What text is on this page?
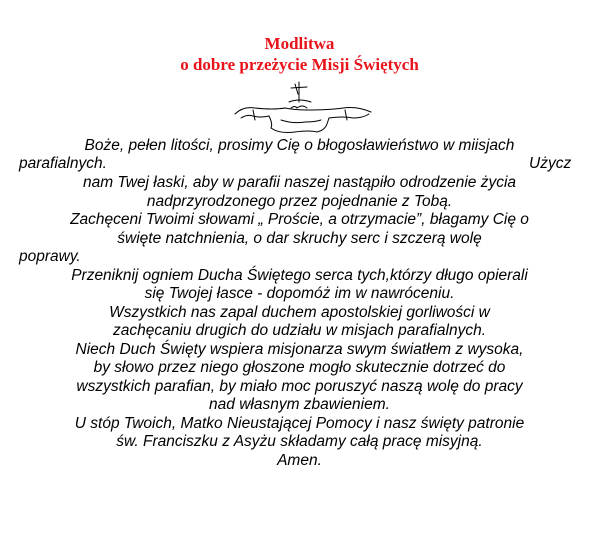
Modlitwa
o dobre przeżycie Misji Świętych
Boże, pełen litości, prosimy Cię o błogosławieństwo w miisjach
parafialnych.	Użycz
nam Twej łaski, aby w parafii naszej nastąpiło odrodzenie życia
nadprzyrodzonego przez pojednanie z Tobą.
Zachęceni Twoimi słowami „ Proście, a otrzymacie”, błagamy Cię o
święte natchnienia, o dar skruchy serc i szczerą wolę
poprawy.
Przeniknij ogniem Ducha Świętego serca tych,którzy długo opierali
się Twojej łasce - dopomóż im w nawróceniu.
Wszystkich nas zapal duchem apostolskiej gorliwości w
zachęcaniu drugich do udziału w misjach parafialnych.
Niech Duch Święty wspiera misjonarza swym światłem z wysoka,
by słowo przez niego głoszone mogło skutecznie dotrzeć do
wszystkich parafian, by miało moc poruszyć naszą wolę do pracy
nad własnym zbawieniem.
U stóp Twoich, Matko Nieustającej Pomocy i nasz święty patronie
św. Franciszku z Asyżu składamy całą pracę misyjną.
Amen.
